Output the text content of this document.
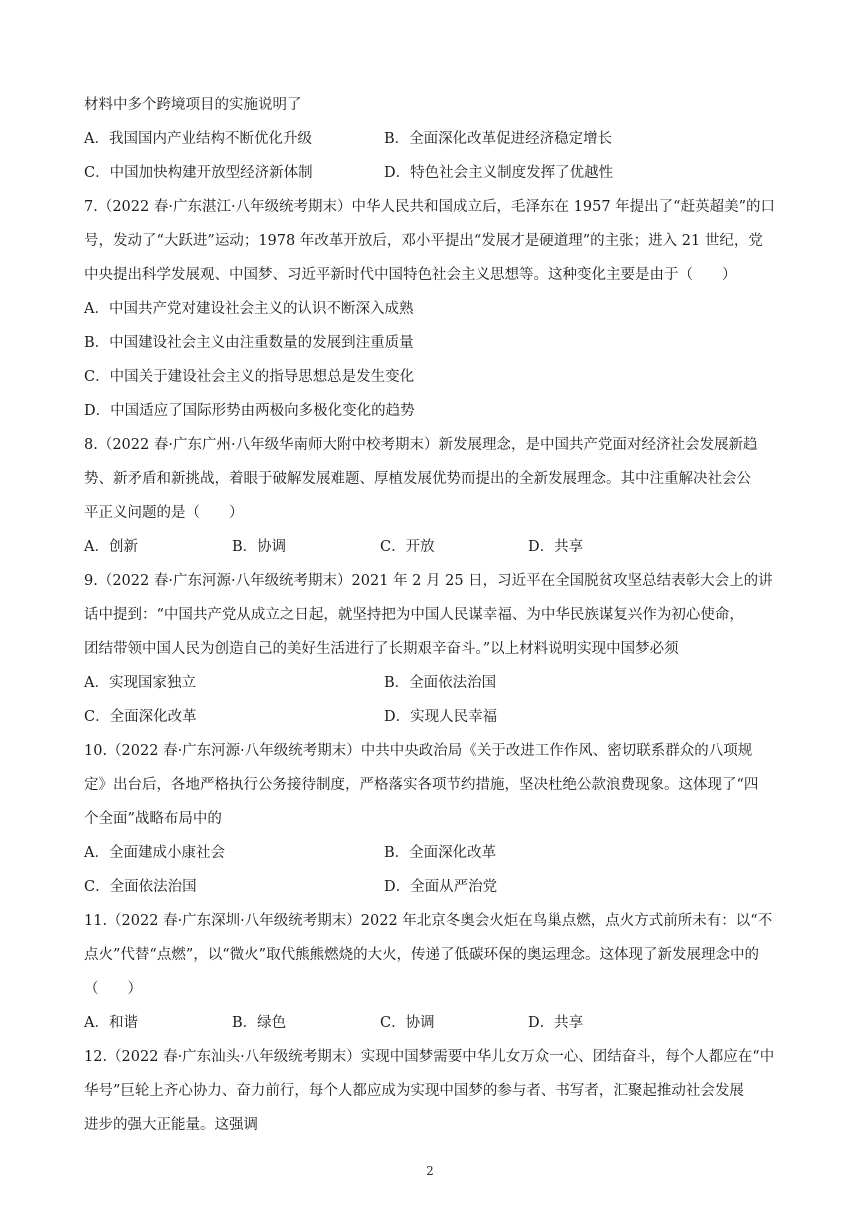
材料中多个跨境项目的实施说明了
A．我国国内产业结构不断优化升级	B．全面深化改革促进经济稳定增长
C．中国加快构建开放型经济新体制	D．特色社会主义制度发挥了优越性
7.（2022 春·广东湛江·八年级统考期末）中华人民共和国成立后，毛泽东在 1957 年提出了“赶英超美”的口
号，发动了“大跃进”运动；1978 年改革开放后，邓小平提出“发展才是硬道理”的主张；进入 21 世纪，党
中央提出科学发展观、中国梦、习近平新时代中国特色社会主义思想等。这种变化主要是由于（　　）
A．中国共产党对建设社会主义的认识不断深入成熟
B．中国建设社会主义由注重数量的发展到注重质量
C．中国关于建设社会主义的指导思想总是发生变化
D．中国适应了国际形势由两极向多极化变化的趋势
8.（2022 春·广东广州·八年级华南师大附中校考期末）新发展理念，是中国共产党面对经济社会发展新趋
势、新矛盾和新挑战，着眼于破解发展难题、厚植发展优势而提出的全新发展理念。其中注重解决社会公
平正义问题的是（　　）
A．创新	B．协调	C．开放	D．共享
9.（2022 春·广东河源·八年级统考期末）2021 年 2 月 25 日，习近平在全国脱贫攻坚总结表彰大会上的讲
话中提到：“中国共产党从成立之日起，就坚持把为中国人民谋幸福、为中华民族谋复兴作为初心使命，
团结带领中国人民为创造自己的美好生活进行了长期艰辛奋斗。”以上材料说明实现中国梦必须
A．实现国家独立	B．全面依法治国
C．全面深化改革	D．实现人民幸福
10.（2022 春·广东河源·八年级统考期末）中共中央政治局《关于改进工作作风、密切联系群众的八项规
定》出台后，各地严格执行公务接待制度，严格落实各项节约措施，坚决杜绝公款浪费现象。这体现了“四
个全面”战略布局中的
A．全面建成小康社会	B．全面深化改革
C．全面依法治国	D．全面从严治党
11.（2022 春·广东深圳·八年级统考期末）2022 年北京冬奥会火炬在鸟巢点燃，点火方式前所未有：以“不
点火”代替“点燃”，以“微火”取代熊熊燃烧的大火，传递了低碳环保的奥运理念。这体现了新发展理念中的
（　　）
A．和谐	B．绿色	C．协调	D．共享
12.（2022 春·广东汕头·八年级统考期末）实现中国梦需要中华儿女万众一心、团结奋斗，每个人都应在“中
华号”巨轮上齐心协力、奋力前行，每个人都应成为实现中国梦的参与者、书写者，汇聚起推动社会发展
进步的强大正能量。这强调
2
